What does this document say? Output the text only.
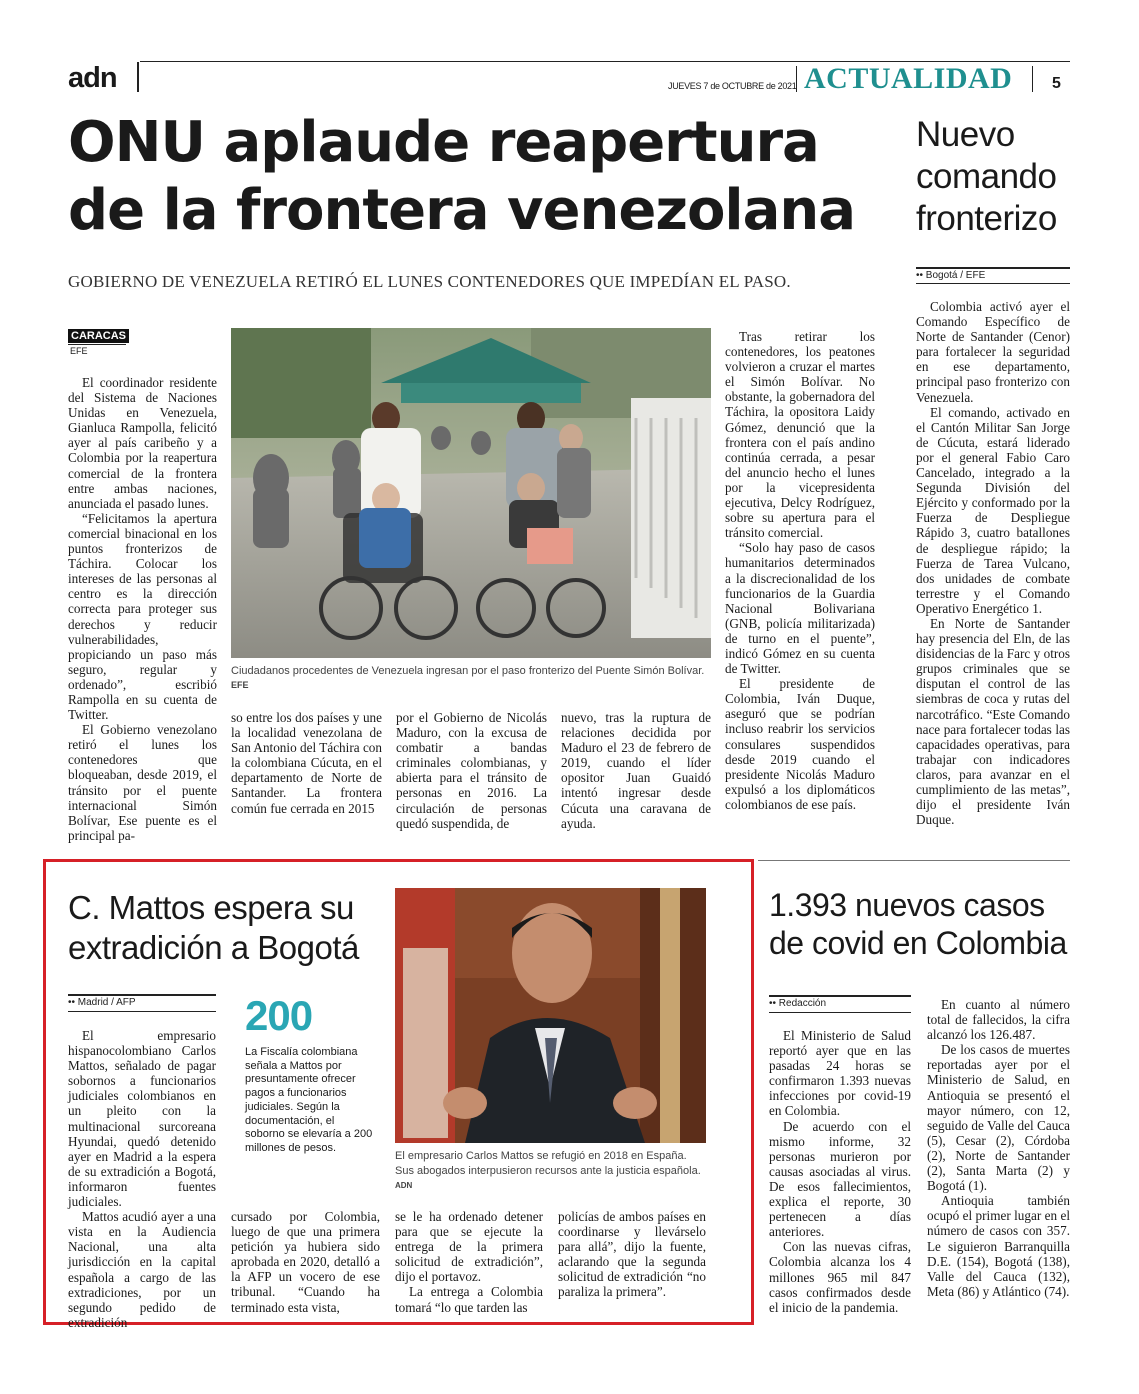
adn	JUEVES 7 de OCTUBRE de 2021 ACTUALIDAD 5
ONU aplaude reapertura
de la frontera venezolana
GOBIERNO DE VENEZUELA RETIRÓ EL LUNES CONTENEDORES QUE IMPEDÍAN EL PASO.
Nuevo comando fronterizo
•• Bogotá / EFE
CARACAS
EFE
Ciudadanos procedentes de Venezuela ingresan por el paso fronterizo del Puente Simón Bolívar. EFE

El coordinador residente del Sistema de Naciones Unidas en Venezuela, Gianluca Rampolla, felicitó ayer al país caribeño y a Colombia por la reapertura comercial de la frontera entre ambas naciones, anunciada el pasado lunes.

“Felicitamos la apertura comercial binacional en los puntos fronterizos de Táchira. Colocar los intereses de las personas al centro es la dirección correcta para proteger sus derechos y reducir vulnerabilidades, propiciando un paso más seguro, regular y ordenado”, escribió Rampolla en su cuenta de Twitter.

El Gobierno venezolano retiró el lunes los contenedores que bloqueaban, desde 2019, el tránsito por el puente internacional Simón Bolívar, Ese puente es el principal pa-

so entre los dos países y une la localidad venezolana de San Antonio del Táchira con la colombiana Cúcuta, en el departamento de Norte de Santander. La frontera común fue cerrada en 2015

por el Gobierno de Nicolás Maduro, con la excusa de combatir a bandas criminales colombianas, y abierta para el tránsito de personas en 2016. La circulación de personas quedó suspendida, de

nuevo, tras la ruptura de relaciones decidida por Maduro el 23 de febrero de 2019, cuando el líder opositor Juan Guaidó intentó ingresar desde Cúcuta una caravana de ayuda.

Tras retirar los contenedores, los peatones volvieron a cruzar el martes el Simón Bolívar. No obstante, la gobernadora del Táchira, la opositora Laidy Gómez, denunció que la frontera con el país andino continúa cerrada, a pesar del anuncio hecho el lunes por la vicepresidenta ejecutiva, Delcy Rodríguez, sobre su apertura para el tránsito comercial.

“Solo hay paso de casos humanitarios determinados a la discrecionalidad de los funcionarios de la Guardia Nacional Bolivariana (GNB, policía militarizada) de turno en el puente”, indicó Gómez en su cuenta de Twitter.

El presidente de Colombia, Iván Duque, aseguró que se podrían incluso reabrir los servicios consulares suspendidos desde 2019 cuando el presidente Nicolás Maduro expulsó a los diplomáticos colombianos de ese país.

Colombia activó ayer el Comando Específico de Norte de Santander (Cenor) para fortalecer la seguridad en ese departamento, principal paso fronterizo con Venezuela.

El comando, activado en el Cantón Militar San Jorge de Cúcuta, estará liderado por el general Fabio Caro Cancelado, integrado a la Segunda División del Ejército y conformado por la Fuerza de Despliegue Rápido 3, cuatro batallones de despliegue rápido; la Fuerza de Tarea Vulcano, dos unidades de combate terrestre y el Comando Operativo Energético 1.

En Norte de Santander hay presencia del Eln, de las disidencias de la Farc y otros grupos criminales que se disputan el control de las siembras de coca y rutas del narcotráfico. “Este Comando nace para fortalecer todas las capacidades operativas, para trabajar con indicadores claros, para avanzar en el cumplimiento de las metas”, dijo el presidente Iván Duque.

C. Mattos espera su
extradición a Bogotá
•• Madrid / AFP	200
La Fiscalía colombiana señala a Mattos por presuntamente ofrecer pagos a funcionarios judiciales. Según la documentación, el soborno se elevaría a 200 millones de pesos.
El empresario Carlos Mattos se refugió en 2018 en España. Sus abogados interpusieron recursos ante la justicia española. ADN

El empresario hispanocolombiano Carlos Mattos, señalado de pagar sobornos a funcionarios judiciales colombianos en un pleito con la multinacional surcoreana Hyundai, quedó detenido ayer en Madrid a la espera de su extradición a Bogotá, informaron fuentes judiciales.

Mattos acudió ayer a una vista en la Audiencia Nacional, una alta jurisdicción en la capital española a cargo de las extradiciones, por un segundo pedido de extradición

cursado por Colombia, luego de que una primera petición ya hubiera sido aprobada en 2020, detalló a la AFP un vocero de ese tribunal. “Cuando ha terminado esta vista,

se le ha ordenado detener para que se ejecute la entrega de la primera solicitud de extradición”, dijo el portavoz.

La entrega a Colombia tomará “lo que tarden las

policías de ambos países en coordinarse y llevárselo para allá”, dijo la fuente, aclarando que la segunda solicitud de extradición “no paraliza la primera”.

1.393 nuevos casos
de covid en Colombia
•• Redacción

El Ministerio de Salud reportó ayer que en las pasadas 24 horas se confirmaron 1.393 nuevas infecciones por covid-19 en Colombia.

De acuerdo con el mismo informe, 32 personas murieron por causas asociadas al virus. De esos fallecimientos, explica el reporte, 30 pertenecen a días anteriores.

Con las nuevas cifras, Colombia alcanza los 4 millones 965 mil 847 casos confirmados desde el inicio de la pandemia.

En cuanto al número total de fallecidos, la cifra alcanzó los 126.487.

De los casos de muertes reportadas ayer por el Ministerio de Salud, en Antioquia se presentó el mayor número, con 12, seguido de Valle del Cauca (5), Cesar (2), Córdoba (2), Norte de Santander (2), Santa Marta (2) y Bogotá (1).

Antioquia también ocupó el primer lugar en el número de casos con 357. Le siguieron Barranquilla D.E. (154), Bogotá (138), Valle del Cauca (132), Meta (86) y Atlántico (74).
